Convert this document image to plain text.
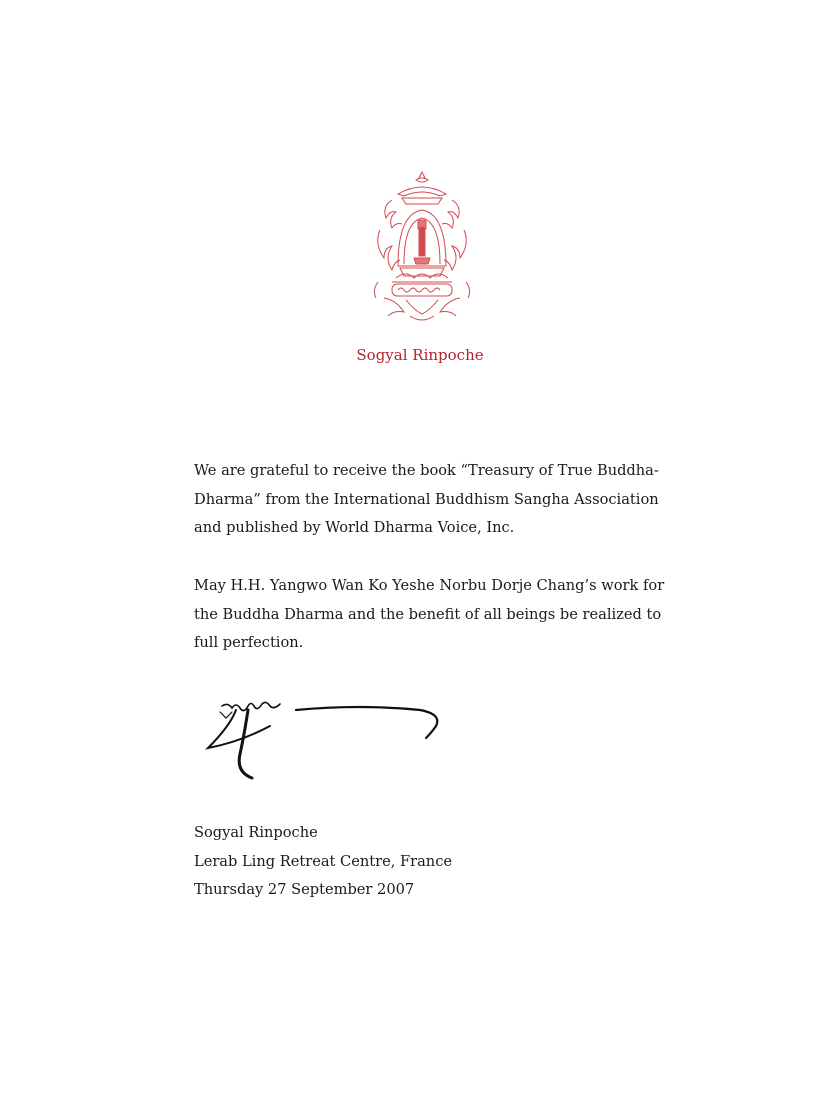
Sogyal Rinpoche
We are grateful to receive the book “Treasury of True Buddha-Dharma” from the International Buddhism Sangha Association and published by World Dharma Voice, Inc.
May H.H. Yangwo Wan Ko Yeshe Norbu Dorje Chang’s work for the Buddha Dharma and the benefit of all beings be realized to full perfection.
Sogyal Rinpoche
Lerab Ling Retreat Centre, France
Thursday 27 September 2007
